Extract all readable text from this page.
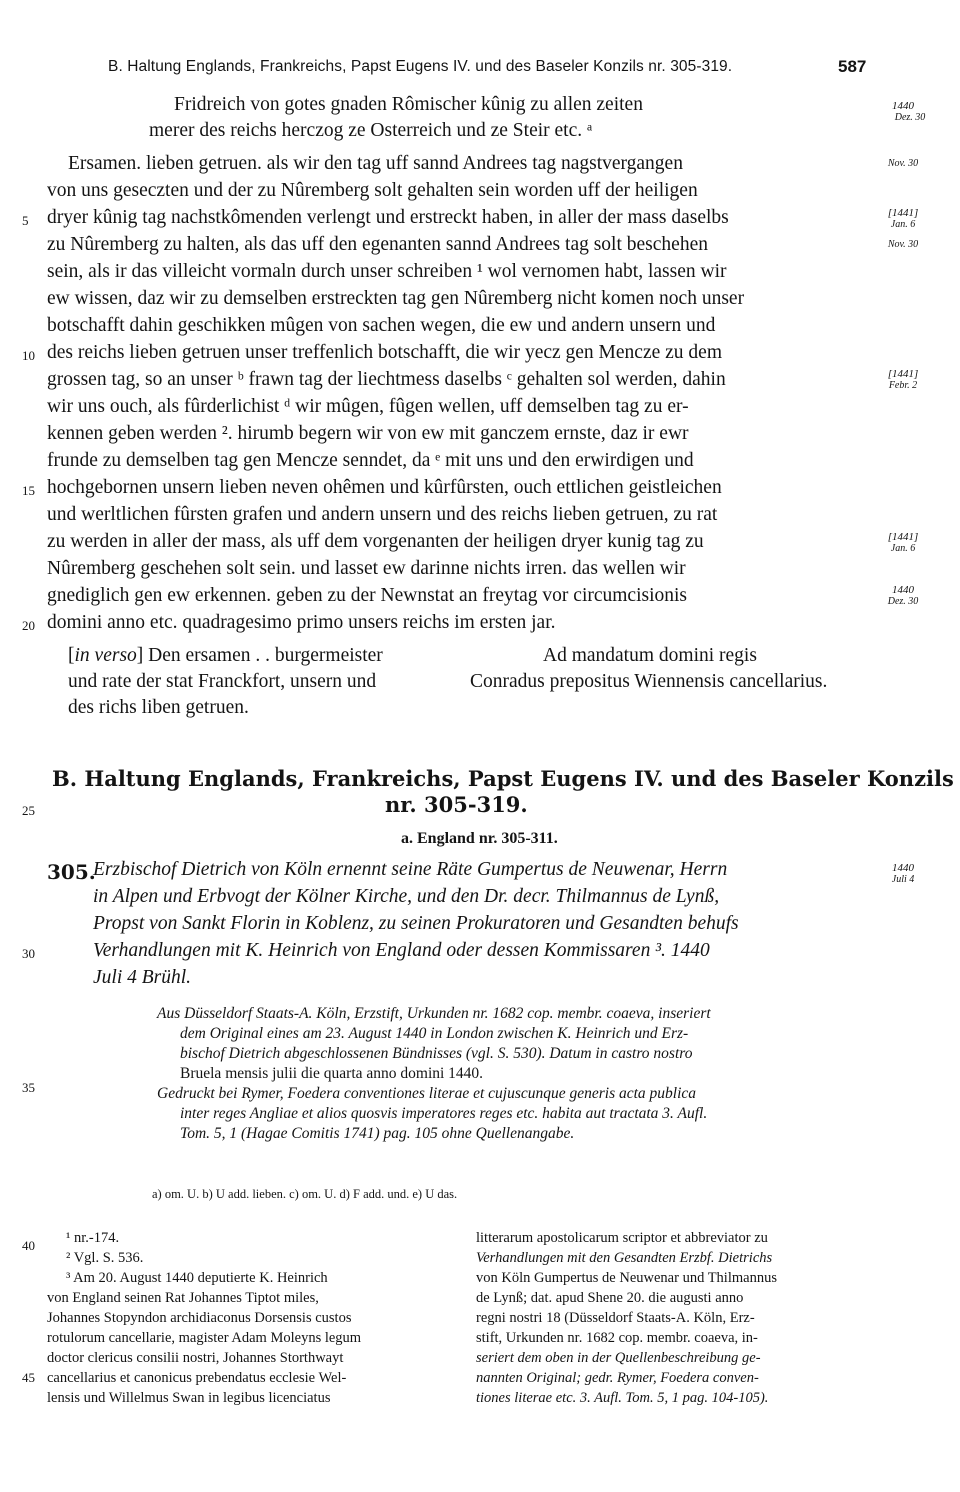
B. Haltung Englands, Frankreichs, Papst Eugens IV. und des Baseler Konzils nr. 305-319.	587
Fridreich von gotes gnaden Rômischer kûnig zu allen zeiten
merer des reichs herczog ze Osterreich und ze Steir etc. ᵃ
Ersamen. lieben getruen. als wir den tag uff sannd Andrees tag nagstvergangen
von uns geseczten und der zu Nûremberg solt gehalten sein worden uff der heiligen
dryer kûnig tag nachstkômenden verlengt und erstreckt haben, in aller der mass daselbs
zu Nûremberg zu halten, als das uff den egenanten sannd Andrees tag solt beschehen
sein, als ir das villeicht vormaln durch unser schreiben ¹ wol vernomen habt, lassen wir
ew wissen, daz wir zu demselben erstreckten tag gen Nûremberg nicht komen noch unser
botschafft dahin geschikken mûgen von sachen wegen, die ew und andern unsern und
des reichs lieben getruen unser treffenlich botschafft, die wir yecz gen Mencze zu dem
grossen tag, so an unser ᵇ frawn tag der liechtmess daselbs ᶜ gehalten sol werden, dahin
wir uns ouch, als fûrderlichist ᵈ wir mûgen, fûgen wellen, uff demselben tag zu er-
kennen geben werden ². hirumb begern wir von ew mit ganczem ernste, daz ir ewr
frunde zu demselben tag gen Mencze senndet, da ᵉ mit uns und den erwirdigen und
hochgebornen unsern lieben neven ohêmen und kûrfûrsten, ouch ettlichen geistleichen
und werltlichen fûrsten grafen und andern unsern und des reichs lieben getruen, zu rat
zu werden in aller der mass, als uff dem vorgenanten der heiligen dryer kunig tag zu
Nûremberg geschehen solt sein. und lasset ew darinne nichts irren. das wellen wir
gnediglich gen ew erkennen. geben zu der Newnstat an freytag vor circumcisionis
domini anno etc. quadragesimo primo unsers reichs im ersten jar.
[in verso] Den ersamen . . burgermeister
und rate der stat Franckfort, unsern und
des richs liben getruen.
Ad mandatum domini regis
Conradus prepositus Wiennensis cancellarius.
5
10
15
20
25
30
35
40
45
1440
Dez. 30
Nov. 30
[1441]
Jan. 6
Nov. 30
[1441]
Febr. 2
[1441]
Jan. 6
1440
Dez. 30
1440
Juli 4
B. Haltung Englands, Frankreichs, Papst Eugens IV. und des Baseler Konzils
nr. 305-319.
a. England nr. 305-311.
305.
Erzbischof Dietrich von Köln ernennt seine Räte Gumpertus de Neuwenar, Herrn
in Alpen und Erbvogt der Kölner Kirche, und den Dr. decr. Thilmannus de Lynß,
Propst von Sankt Florin in Koblenz, zu seinen Prokuratoren und Gesandten behufs
Verhandlungen mit K. Heinrich von England oder dessen Kommissaren ³. 1440
Juli 4 Brühl.
Aus Düsseldorf Staats-A. Köln, Erzstift, Urkunden nr. 1682 cop. membr. coaeva, inseriert
dem Original eines am 23. August 1440 in London zwischen K. Heinrich und Erz-
bischof Dietrich abgeschlossenen Bündnisses (vgl. S. 530). Datum in castro nostro
Bruela mensis julii die quarta anno domini 1440.
Gedruckt bei Rymer, Foedera conventiones literae et cujuscunque generis acta publica
inter reges Angliae et alios quosvis imperatores reges etc. habita aut tractata 3. Aufl.
Tom. 5, 1 (Hagae Comitis 1741) pag. 105 ohne Quellenangabe.
a) om. U. b) U add. lieben. c) om. U. d) F add. und. e) U das.
¹ nr.-174.
² Vgl. S. 536.
³ Am 20. August 1440 deputierte K. Heinrich
von England seinen Rat Johannes Tiptot miles,
Johannes Stopyndon archidiaconus Dorsensis custos
rotulorum cancellarie, magister Adam Moleyns legum
doctor clericus consilii nostri, Johannes Storthwayt
cancellarius et canonicus prebendatus ecclesie Wel-
lensis und Willelmus Swan in legibus licenciatus
litterarum apostolicarum scriptor et abbreviator zu
Verhandlungen mit den Gesandten Erzbf. Dietrichs
von Köln Gumpertus de Neuwenar und Thilmannus
de Lynß; dat. apud Shene 20. die augusti anno
regni nostri 18 (Düsseldorf Staats-A. Köln, Erz-
stift, Urkunden nr. 1682 cop. membr. coaeva, in-
seriert dem oben in der Quellenbeschreibung ge-
nannten Original; gedr. Rymer, Foedera conven-
tiones literae etc. 3. Aufl. Tom. 5, 1 pag. 104-105).
